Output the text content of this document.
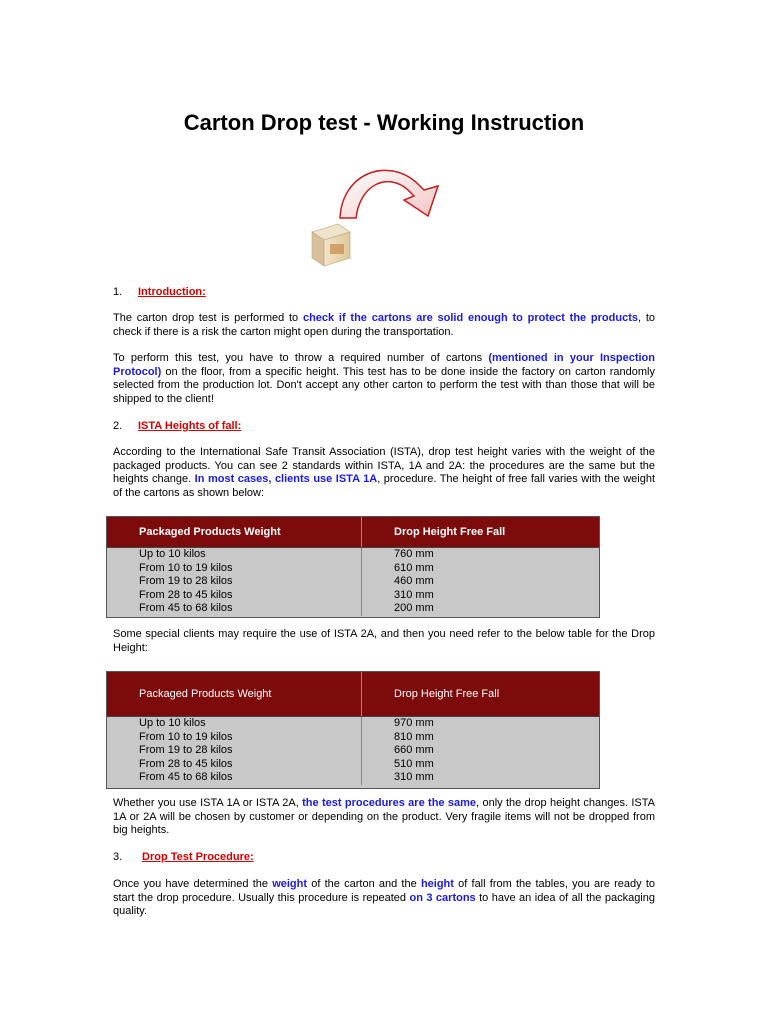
Carton Drop test - Working Instruction
1. Introduction:
The carton drop test is performed to check if the cartons are solid enough to protect the products, to check if there is a risk the carton might open during the transportation.
To perform this test, you have to throw a required number of cartons (mentioned in your Inspection Protocol) on the floor, from a specific height. This test has to be done inside the factory on carton randomly selected from the production lot. Don't accept any other carton to perform the test with than those that will be shipped to the client!
2. ISTA Heights of fall:
According to the International Safe Transit Association (ISTA), drop test height varies with the weight of the packaged products. You can see 2 standards within ISTA, 1A and 2A: the procedures are the same but the heights change. In most cases, clients use ISTA 1A, procedure. The height of free fall varies with the weight of the cartons as shown below:
Packaged Products Weight	Drop Height Free Fall
Up to 10 kilos
From 10 to 19 kilos
From 19 to 28 kilos
From 28 to 45 kilos
From 45 to 68 kilos
760 mm
610 mm
460 mm
310 mm
200 mm
Some special clients may require the use of ISTA 2A, and then you need refer to the below table for the Drop Height:
Packaged Products Weight	Drop Height Free Fall
Up to 10 kilos
From 10 to 19 kilos
From 19 to 28 kilos
From 28 to 45 kilos
From 45 to 68 kilos
970 mm
810 mm
660 mm
510 mm
310 mm
Whether you use ISTA 1A or ISTA 2A, the test procedures are the same, only the drop height changes. ISTA 1A or 2A will be chosen by customer or depending on the product. Very fragile items will not be dropped from big heights.
3. Drop Test Procedure:
Once you have determined the weight of the carton and the height of fall from the tables, you are ready to start the drop procedure. Usually this procedure is repeated on 3 cartons to have an idea of all the packaging quality.
